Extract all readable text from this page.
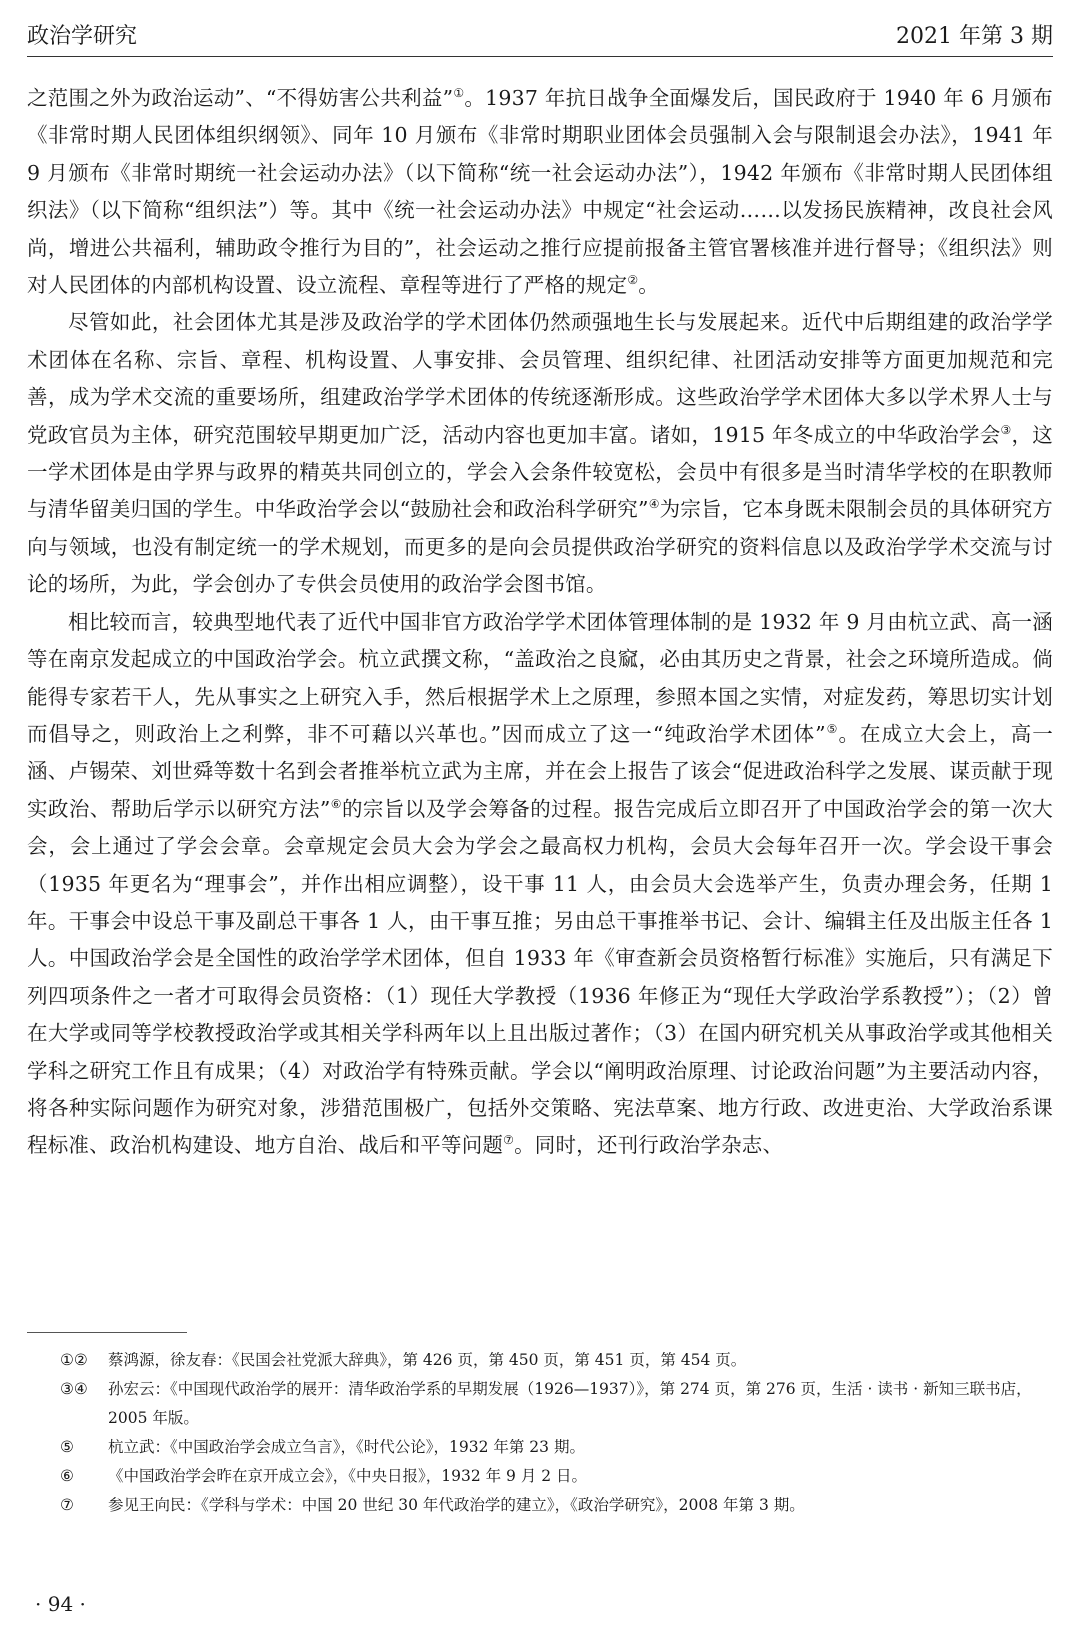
政治学研究	2021 年第 3 期

之范围之外为政治运动”、“不得妨害公共利益”①。1937 年抗日战争全面爆发后，国民政府于 1940 年 6 月颁布《非常时期人民团体组织纲领》、同年 10 月颁布《非常时期职业团体会员强制入会与限制退会办法》，1941 年 9 月颁布《非常时期统一社会运动办法》（以下简称“统一社会运动办法”），1942 年颁布《非常时期人民团体组织法》（以下简称“组织法”）等。其中《统一社会运动办法》中规定“社会运动……以发扬民族精神，改良社会风尚，增进公共福利，辅助政令推行为目的”，社会运动之推行应提前报备主管官署核准并进行督导；《组织法》则对人民团体的内部机构设置、设立流程、章程等进行了严格的规定②。

尽管如此，社会团体尤其是涉及政治学的学术团体仍然顽强地生长与发展起来。近代中后期组建的政治学学术团体在名称、宗旨、章程、机构设置、人事安排、会员管理、组织纪律、社团活动安排等方面更加规范和完善，成为学术交流的重要场所，组建政治学学术团体的传统逐渐形成。这些政治学学术团体大多以学术界人士与党政官员为主体，研究范围较早期更加广泛，活动内容也更加丰富。诸如，1915 年冬成立的中华政治学会③，这一学术团体是由学界与政界的精英共同创立的，学会入会条件较宽松，会员中有很多是当时清华学校的在职教师与清华留美归国的学生。中华政治学会以“鼓励社会和政治科学研究”④为宗旨，它本身既未限制会员的具体研究方向与领域，也没有制定统一的学术规划，而更多的是向会员提供政治学研究的资料信息以及政治学学术交流与讨论的场所，为此，学会创办了专供会员使用的政治学会图书馆。

相比较而言，较典型地代表了近代中国非官方政治学学术团体管理体制的是 1932 年 9 月由杭立武、高一涵等在南京发起成立的中国政治学会。杭立武撰文称，“盖政治之良窳，必由其历史之背景，社会之环境所造成。倘能得专家若干人，先从事实之上研究入手，然后根据学术上之原理，参照本国之实情，对症发药，筹思切实计划而倡导之，则政治上之利弊，非不可藉以兴革也。”因而成立了这一“纯政治学术团体”⑤。在成立大会上，高一涵、卢锡荣、刘世舜等数十名到会者推举杭立武为主席，并在会上报告了该会“促进政治科学之发展、谋贡献于现实政治、帮助后学示以研究方法”⑥的宗旨以及学会筹备的过程。报告完成后立即召开了中国政治学会的第一次大会，会上通过了学会会章。会章规定会员大会为学会之最高权力机构，会员大会每年召开一次。学会设干事会（1935 年更名为“理事会”，并作出相应调整），设干事 11 人，由会员大会选举产生，负责办理会务，任期 1 年。干事会中设总干事及副总干事各 1 人，由干事互推；另由总干事推举书记、会计、编辑主任及出版主任各 1 人。中国政治学会是全国性的政治学学术团体，但自 1933 年《审查新会员资格暂行标准》实施后，只有满足下列四项条件之一者才可取得会员资格：（1）现任大学教授（1936 年修正为“现任大学政治学系教授”）；（2）曾在大学或同等学校教授政治学或其相关学科两年以上且出版过著作；（3）在国内研究机关从事政治学或其他相关学科之研究工作且有成果；（4）对政治学有特殊贡献。学会以“阐明政治原理、讨论政治问题”为主要活动内容，将各种实际问题作为研究对象，涉猎范围极广，包括外交策略、宪法草案、地方行政、改进吏治、大学政治系课程标准、政治机构建设、地方自治、战后和平等问题⑦。同时，还刊行政治学杂志、

①②	蔡鸿源，徐友春：《民国会社党派大辞典》，第 426 页，第 450 页，第 451 页，第 454 页。
③④	孙宏云：《中国现代政治学的展开：清华政治学系的早期发展（1926—1937）》，第 274 页，第 276 页，生活 · 读书 · 新知三联书店，2005 年版。
⑤	杭立武：《中国政治学会成立刍言》，《时代公论》，1932 年第 23 期。
⑥	《中国政治学会昨在京开成立会》，《中央日报》，1932 年 9 月 2 日。
⑦	参见王向民：《学科与学术：中国 20 世纪 30 年代政治学的建立》，《政治学研究》，2008 年第 3 期。
· 94 ·
